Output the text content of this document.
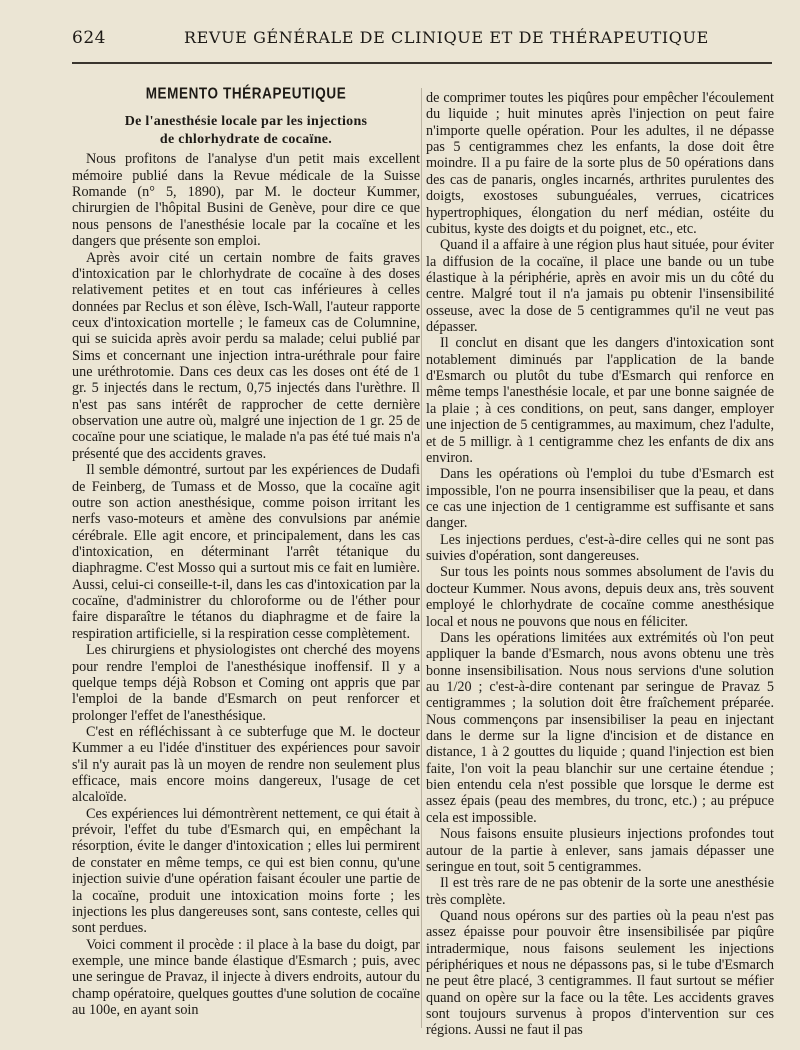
624	REVUE GÉNÉRALE DE CLINIQUE ET DE THÉRAPEUTIQUE
MEMENTO THÉRAPEUTIQUE
De l'anesthésie locale par les injections
de chlorhydrate de cocaïne.

Nous profitons de l'analyse d'un petit mais excellent mémoire publié dans la Revue médicale de la Suisse Romande (n° 5, 1890), par M. le docteur Kummer, chirurgien de l'hôpital Busini de Genève, pour dire ce que nous pensons de l'anesthésie locale par la cocaïne et les dangers que présente son emploi.

Après avoir cité un certain nombre de faits graves d'intoxication par le chlorhydrate de cocaïne à des doses relativement petites et en tout cas inférieures à celles données par Reclus et son élève, Isch-Wall, l'auteur rapporte ceux d'intoxication mortelle ; le fameux cas de Columnine, qui se suicida après avoir perdu sa malade; celui publié par Sims et concernant une injection intra-uréthrale pour faire une uréthrotomie. Dans ces deux cas les doses ont été de 1 gr. 5 injectés dans le rectum, 0,75 injectés dans l'urèthre. Il n'est pas sans intérêt de rapprocher de cette dernière observation une autre où, malgré une injection de 1 gr. 25 de cocaïne pour une sciatique, le malade n'a pas été tué mais n'a présenté que des accidents graves.

Il semble démontré, surtout par les expériences de Dudafi de Feinberg, de Tumass et de Mosso, que la cocaïne agit outre son action anesthésique, comme poison irritant les nerfs vaso-moteurs et amène des convulsions par anémie cérébrale. Elle agit encore, et principalement, dans les cas d'intoxication, en déterminant l'arrêt tétanique du diaphragme. C'est Mosso qui a surtout mis ce fait en lumière. Aussi, celui-ci conseille-t-il, dans les cas d'intoxication par la cocaïne, d'administrer du chloroforme ou de l'éther pour faire disparaître le tétanos du diaphragme et de faire la respiration artificielle, si la respiration cesse complètement.

Les chirurgiens et physiologistes ont cherché des moyens pour rendre l'emploi de l'anesthésique inoffensif. Il y a quelque temps déjà Robson et Coming ont appris que par l'emploi de la bande d'Esmarch on peut renforcer et prolonger l'effet de l'anesthésique.

C'est en réfléchissant à ce subterfuge que M. le docteur Kummer a eu l'idée d'instituer des expériences pour savoir s'il n'y aurait pas là un moyen de rendre non seulement plus efficace, mais encore moins dangereux, l'usage de cet alcaloïde.

Ces expériences lui démontrèrent nettement, ce qui était à prévoir, l'effet du tube d'Esmarch qui, en empêchant la résorption, évite le danger d'intoxication ; elles lui permirent de constater en même temps, ce qui est bien connu, qu'une injection suivie d'une opération faisant écouler une partie de la cocaïne, produit une intoxication moins forte ; les injections les plus dangereuses sont, sans conteste, celles qui sont perdues.

Voici comment il procède : il place à la base du doigt, par exemple, une mince bande élastique d'Esmarch ; puis, avec une seringue de Pravaz, il injecte à divers endroits, autour du champ opératoire, quelques gouttes d'une solution de cocaïne au 100e, en ayant soin

de comprimer toutes les piqûres pour empêcher l'écoulement du liquide ; huit minutes après l'injection on peut faire n'importe quelle opération. Pour les adultes, il ne dépasse pas 5 centigrammes chez les enfants, la dose doit être moindre. Il a pu faire de la sorte plus de 50 opérations dans des cas de panaris, ongles incarnés, arthrites purulentes des doigts, exostoses subunguéales, verrues, cicatrices hypertrophiques, élongation du nerf médian, ostéite du cubitus, kyste des doigts et du poignet, etc., etc.

Quand il a affaire à une région plus haut située, pour éviter la diffusion de la cocaïne, il place une bande ou un tube élastique à la périphérie, après en avoir mis un du côté du centre. Malgré tout il n'a jamais pu obtenir l'insensibilité osseuse, avec la dose de 5 centigrammes qu'il ne veut pas dépasser.

Il conclut en disant que les dangers d'intoxication sont notablement diminués par l'application de la bande d'Esmarch ou plutôt du tube d'Esmarch qui renforce en même temps l'anesthésie locale, et par une bonne saignée de la plaie ; à ces conditions, on peut, sans danger, employer une injection de 5 centigrammes, au maximum, chez l'adulte, et de 5 milligr. à 1 centigramme chez les enfants de dix ans environ.

Dans les opérations où l'emploi du tube d'Esmarch est impossible, l'on ne pourra insensibiliser que la peau, et dans ce cas une injection de 1 centigramme est suffisante et sans danger.

Les injections perdues, c'est-à-dire celles qui ne sont pas suivies d'opération, sont dangereuses.

Sur tous les points nous sommes absolument de l'avis du docteur Kummer. Nous avons, depuis deux ans, très souvent employé le chlorhydrate de cocaïne comme anesthésique local et nous ne pouvons que nous en féliciter.

Dans les opérations limitées aux extrémités où l'on peut appliquer la bande d'Esmarch, nous avons obtenu une très bonne insensibilisation. Nous nous servions d'une solution au 1/20 ; c'est-à-dire contenant par seringue de Pravaz 5 centigrammes ; la solution doit être fraîchement préparée. Nous commençons par insensibiliser la peau en injectant dans le derme sur la ligne d'incision et de distance en distance, 1 à 2 gouttes du liquide ; quand l'injection est bien faite, l'on voit la peau blanchir sur une certaine étendue ; bien entendu cela n'est possible que lorsque le derme est assez épais (peau des membres, du tronc, etc.) ; au prépuce cela est impossible.

Nous faisons ensuite plusieurs injections profondes tout autour de la partie à enlever, sans jamais dépasser une seringue en tout, soit 5 centigrammes.

Il est très rare de ne pas obtenir de la sorte une anesthésie très complète.

Quand nous opérons sur des parties où la peau n'est pas assez épaisse pour pouvoir être insensibilisée par piqûre intradermique, nous faisons seulement les injections périphériques et nous ne dépassons pas, si le tube d'Esmarch ne peut être placé, 3 centigrammes. Il faut surtout se méfier quand on opère sur la face ou la tête. Les accidents graves sont toujours survenus à propos d'intervention sur ces régions. Aussi ne faut il pas
